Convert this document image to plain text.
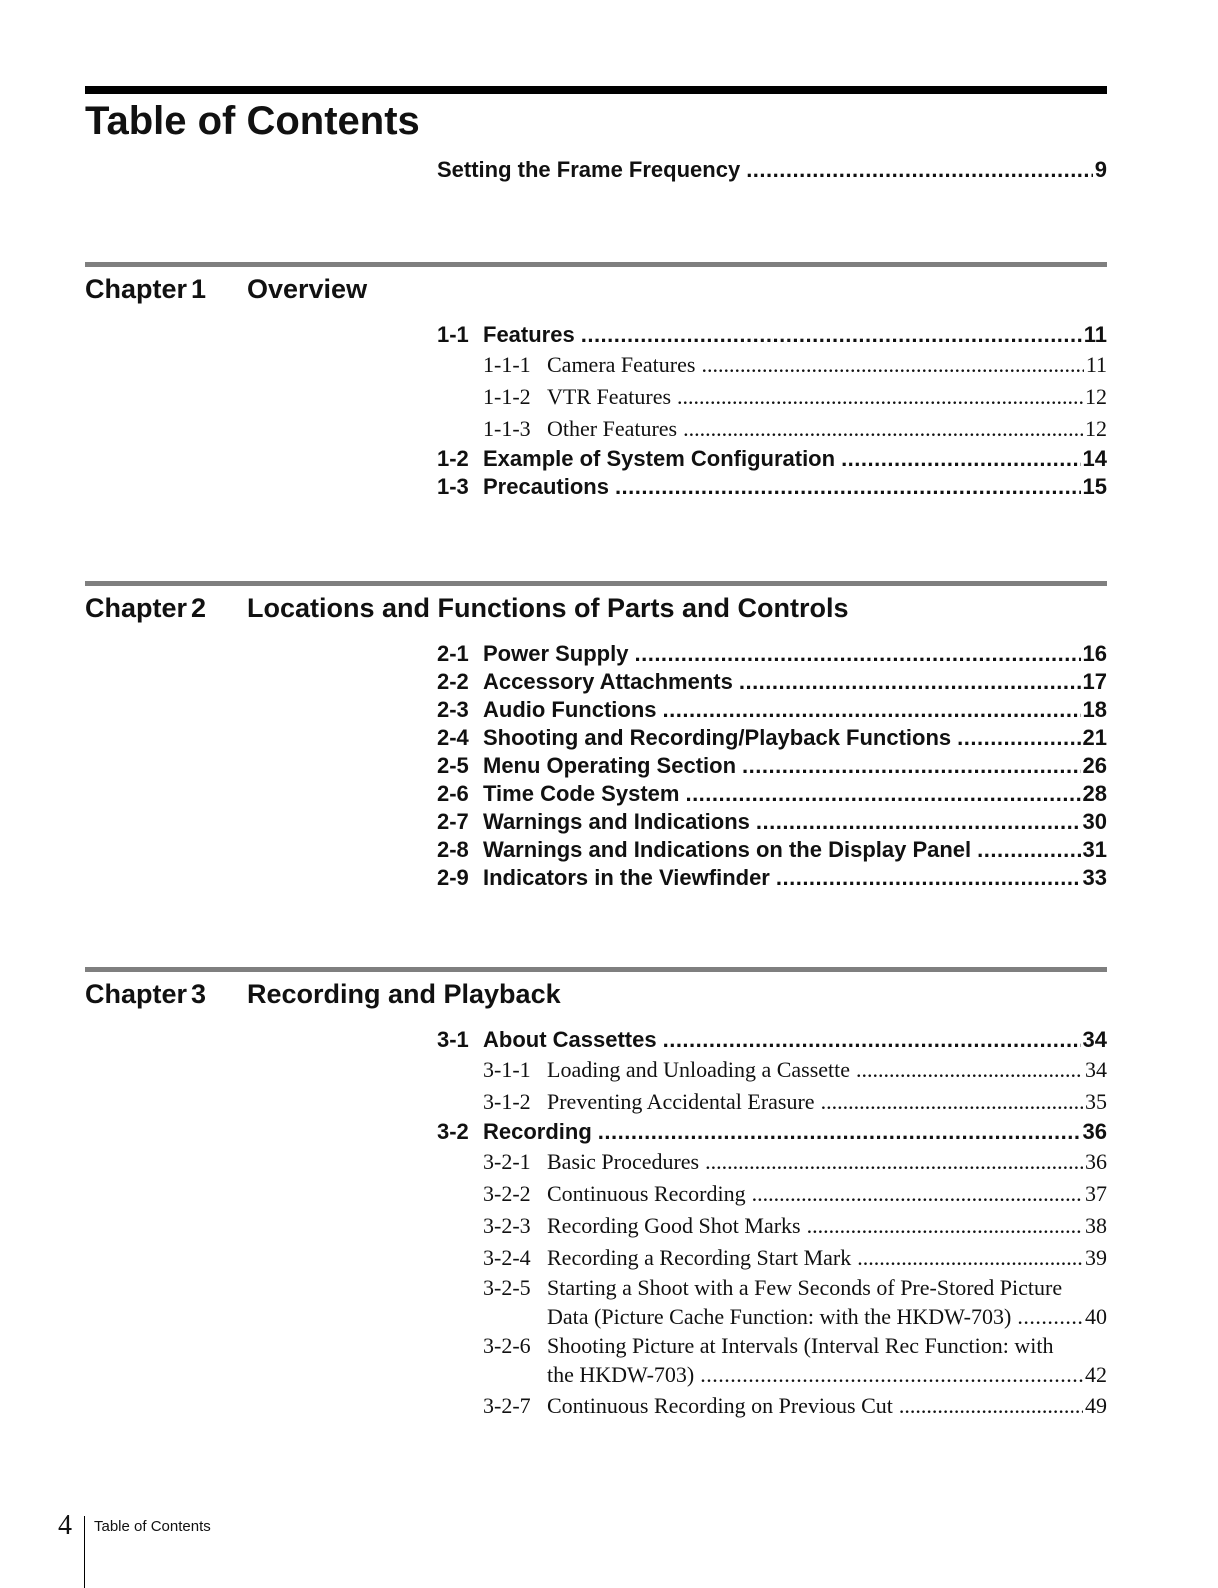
Table of Contents
Setting the Frame Frequency .....	9
Chapter 1	Overview
1-1 Features .....	11
1-1-1 Camera Features .....	11
1-1-2 VTR Features .....	12
1-1-3 Other Features .....	12
1-2 Example of System Configuration .....	14
1-3 Precautions .....	15
Chapter 2	Locations and Functions of Parts and Controls
2-1 Power Supply .....	16
2-2 Accessory Attachments .....	17
2-3 Audio Functions .....	18
2-4 Shooting and Recording/Playback Functions .....	21
2-5 Menu Operating Section .....	26
2-6 Time Code System .....	28
2-7 Warnings and Indications .....	30
2-8 Warnings and Indications on the Display Panel .....	31
2-9 Indicators in the Viewfinder .....	33
Chapter 3	Recording and Playback
3-1 About Cassettes .....	34
3-1-1 Loading and Unloading a Cassette .....	34
3-1-2 Preventing Accidental Erasure .....	35
3-2 Recording .....	36
3-2-1 Basic Procedures .....	36
3-2-2 Continuous Recording .....	37
3-2-3 Recording Good Shot Marks .....	38
3-2-4 Recording a Recording Start Mark .....	39
3-2-5 Starting a Shoot with a Few Seconds of Pre-Stored Picture
Data (Picture Cache Function: with the HKDW-703) .....	40
3-2-6 Shooting Picture at Intervals (Interval Rec Function: with
the HKDW-703) .....	42
3-2-7 Continuous Recording on Previous Cut .....	49
4 Table of Contents
